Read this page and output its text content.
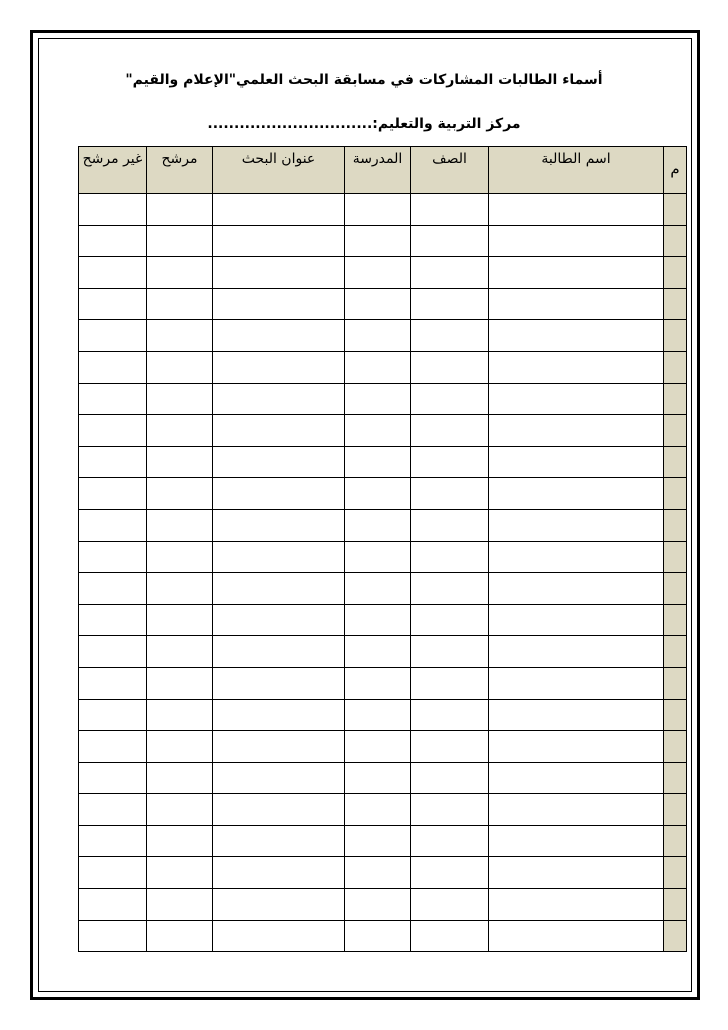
أسماء الطالبات المشاركات في مسابقة البحث العلمي"الإعلام والقيم"
مركز التربية والتعليم:...............................
م	اسم الطالبة	الصف	المدرسة	عنوان البحث	مرشح	غير مرشح
